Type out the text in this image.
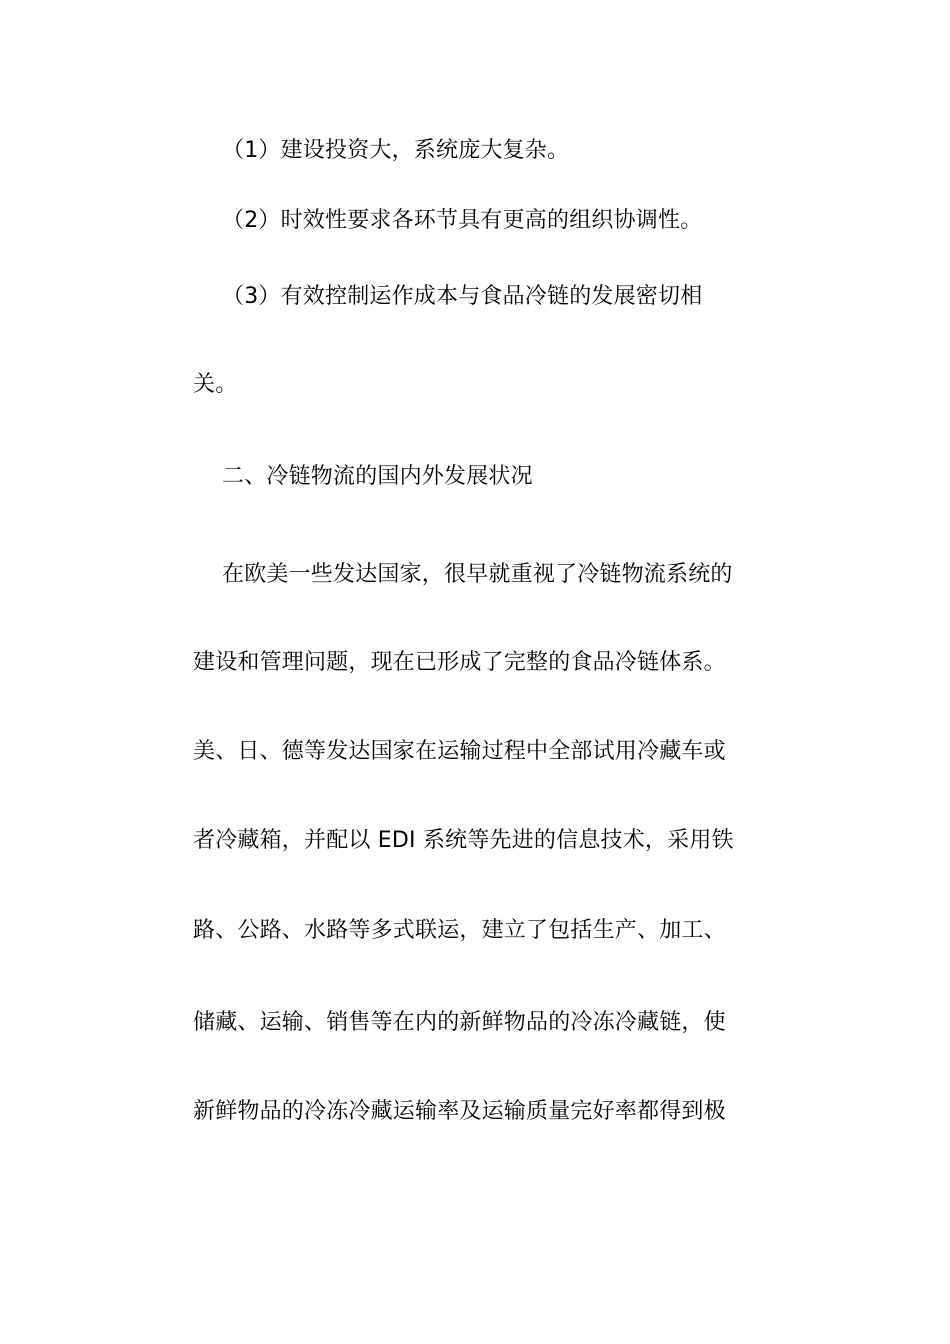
（1）建设投资大，系统庞大复杂。
（2）时效性要求各环节具有更高的组织协调性。
（3）有效控制运作成本与食品冷链的发展密切相
关。
二、冷链物流的国内外发展状况
在欧美一些发达国家，很早就重视了冷链物流系统的
建设和管理问题，现在已形成了完整的食品冷链体系。
美、日、德等发达国家在运输过程中全部试用冷藏车或
者冷藏箱，并配以 EDI 系统等先进的信息技术，采用铁
路、公路、水路等多式联运，建立了包括生产、加工、
储藏、运输、销售等在内的新鲜物品的冷冻冷藏链，使
新鲜物品的冷冻冷藏运输率及运输质量完好率都得到极
